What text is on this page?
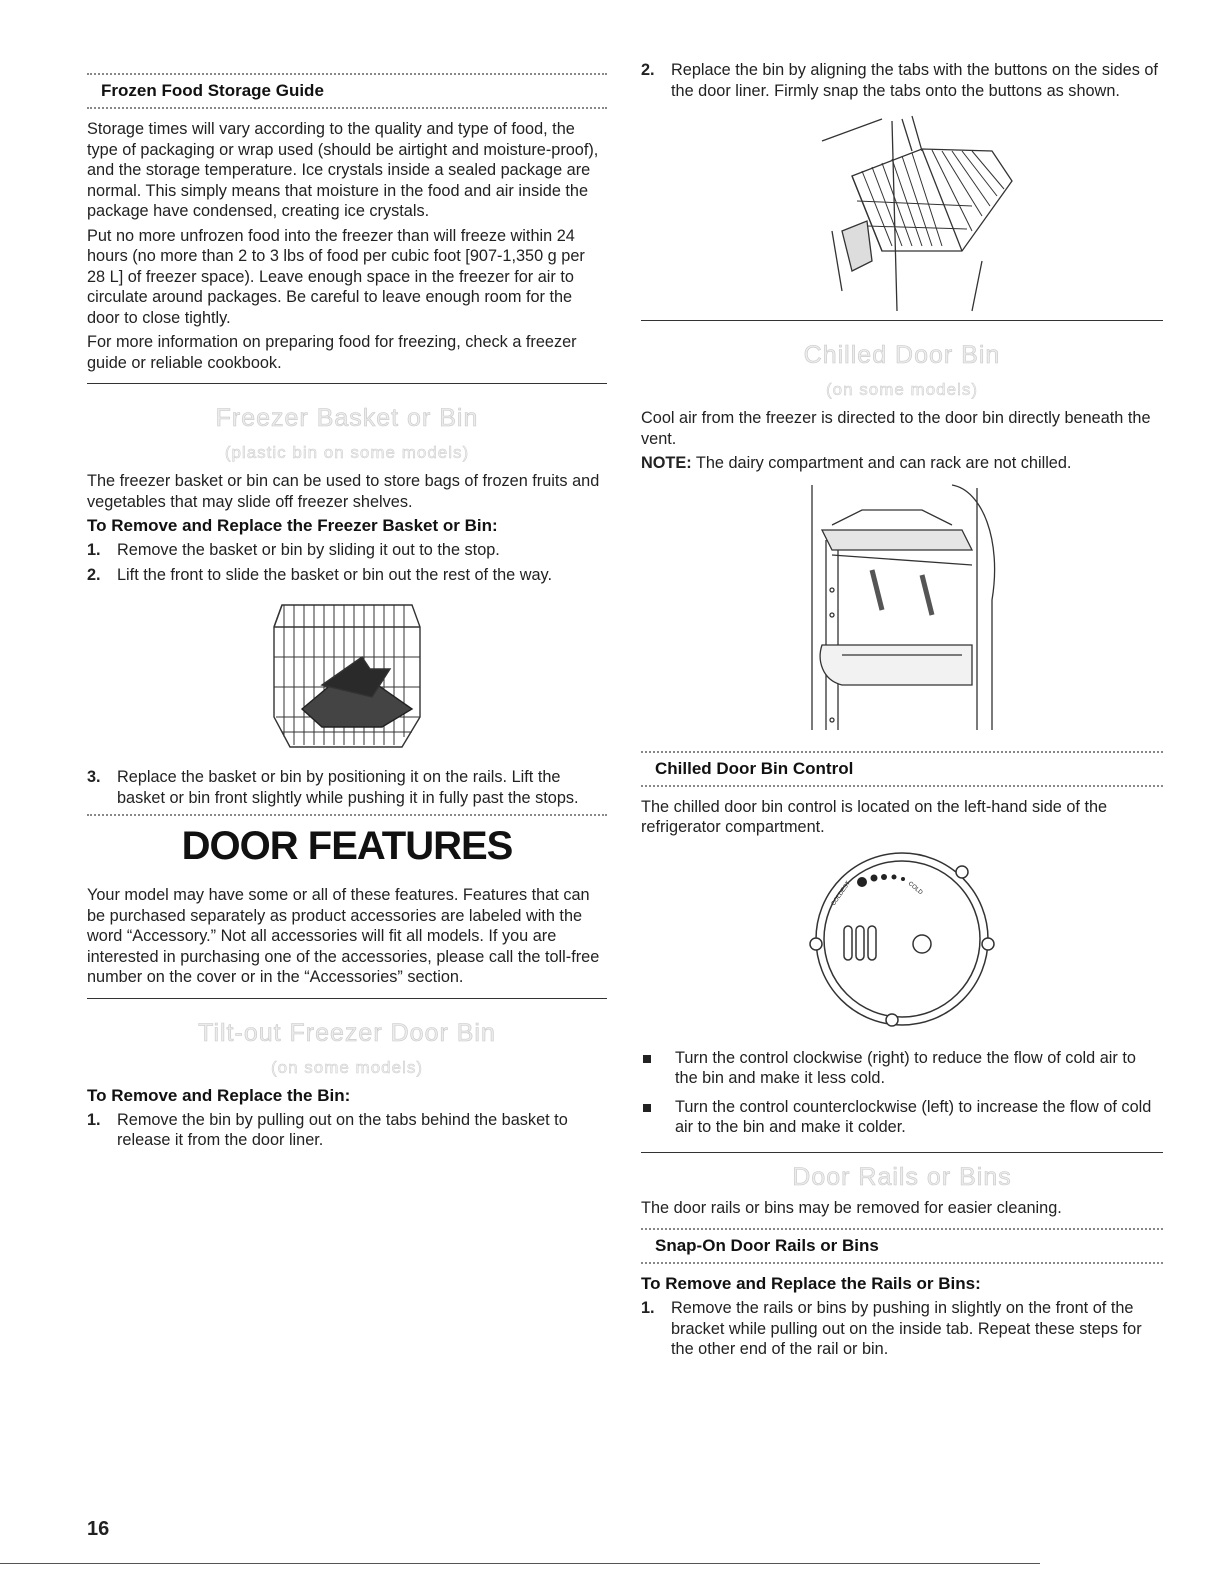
Frozen Food Storage Guide

Storage times will vary according to the quality and type of food, the type of packaging or wrap used (should be airtight and moisture-proof), and the storage temperature. Ice crystals inside a sealed package are normal. This simply means that moisture in the food and air inside the package have condensed, creating ice crystals.

Put no more unfrozen food into the freezer than will freeze within 24 hours (no more than 2 to 3 lbs of food per cubic foot [907-1,350 g per 28 L] of freezer space). Leave enough space in the freezer for air to circulate around packages. Be careful to leave enough room for the door to close tightly.

For more information on preparing food for freezing, check a freezer guide or reliable cookbook.

Freezer Basket or Bin
(plastic bin on some models)

The freezer basket or bin can be used to store bags of frozen fruits and vegetables that may slide off freezer shelves.

To Remove and Replace the Freezer Basket or Bin:
1.	Remove the basket or bin by sliding it out to the stop.
2.	Lift the front to slide the basket or bin out the rest of the way.
3.	Replace the basket or bin by positioning it on the rails. Lift the basket or bin front slightly while pushing it in fully past the stops.
DOOR FEATURES

Your model may have some or all of these features. Features that can be purchased separately as product accessories are labeled with the word “Accessory.” Not all accessories will fit all models. If you are interested in purchasing one of the accessories, please call the toll-free number on the cover or in the “Accessories” section.

Tilt-out Freezer Door Bin
(on some models)
To Remove and Replace the Bin:
1.	Remove the bin by pulling out on the tabs behind the basket to release it from the door liner.
2.	Replace the bin by aligning the tabs with the buttons on the sides of the door liner. Firmly snap the tabs onto the buttons as shown.
Chilled Door Bin
(on some models)

Cool air from the freezer is directed to the door bin directly beneath the vent.

NOTE: The dairy compartment and can rack are not chilled.

Chilled Door Bin Control

The chilled door bin control is located on the left-hand side of the refrigerator compartment.

COLDEST	COLD
Turn the control clockwise (right) to reduce the flow of cold air to the bin and make it less cold.
Turn the control counterclockwise (left) to increase the flow of cold air to the bin and make it colder.
Door Rails or Bins

The door rails or bins may be removed for easier cleaning.

Snap-On Door Rails or Bins
To Remove and Replace the Rails or Bins:
1.	Remove the rails or bins by pushing in slightly on the front of the bracket while pulling out on the inside tab. Repeat these steps for the other end of the rail or bin.
16
